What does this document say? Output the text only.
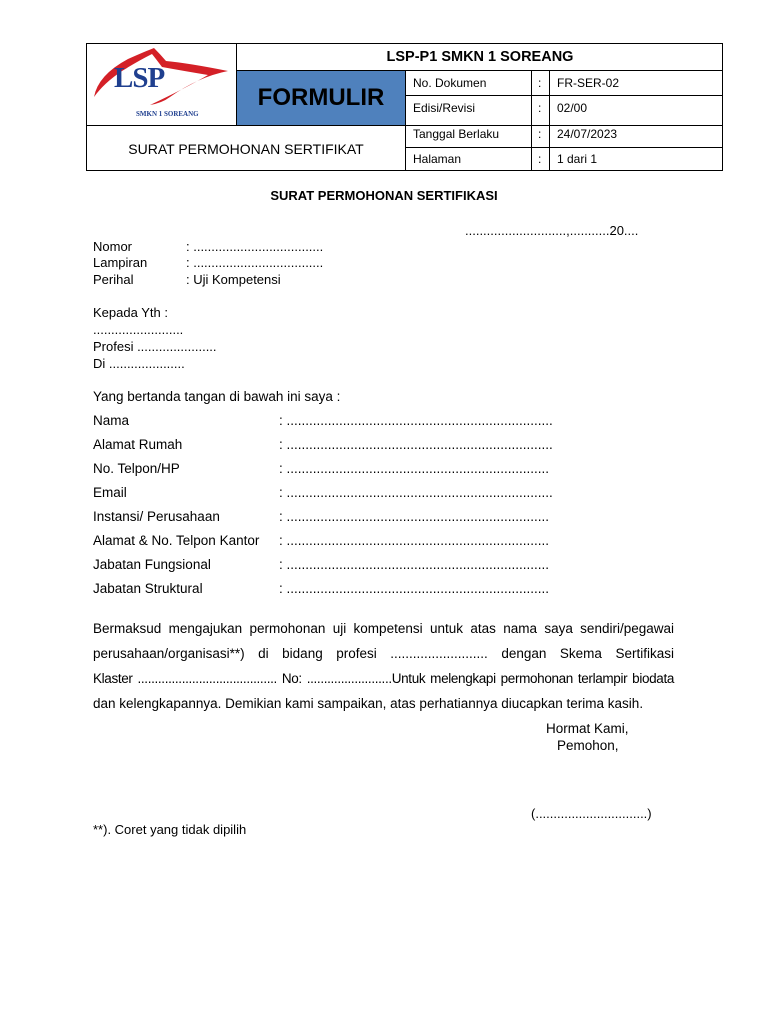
LSP
SMKN 1 SOREANG
LSP-P1 SMKN 1 SOREANG
FORMULIR
SURAT PERMOHONAN SERTIFIKAT
No. Dokumen	: FR-SER-02
Edisi/Revisi	: 02/00
Tanggal Berlaku	: 24/07/2023
Halaman	: 1 dari 1
SURAT PERMOHONAN SERTIFIKASI
............................,...........20....
Nomor	: ....................................
Lampiran	: ....................................
Perihal	: Uji Kompetensi
Kepada Yth :
.........................
Profesi ......................
Di .....................
Yang bertanda tangan di bawah ini saya :
Nama	: .......................................................................
Alamat Rumah	: .......................................................................
No. Telpon/HP	: ......................................................................
Email	: .......................................................................
Instansi/ Perusahaan	: ......................................................................
Alamat & No. Telpon Kantor : ......................................................................
Jabatan Fungsional	: ......................................................................
Jabatan Struktural	: ......................................................................
Bermaksud mengajukan permohonan uji kompetensi untuk atas nama saya sendiri/pegawai
perusahaan/organisasi**) di bidang profesi .......................... dengan Skema Sertifikasi
Klaster ......................................... No: .........................Untuk melengkapi permohonan terlampir biodata
dan kelengkapannya. Demikian kami sampaikan, atas perhatiannya diucapkan terima kasih.
Hormat Kami,
Pemohon,
(...............................)
**). Coret yang tidak dipilih
